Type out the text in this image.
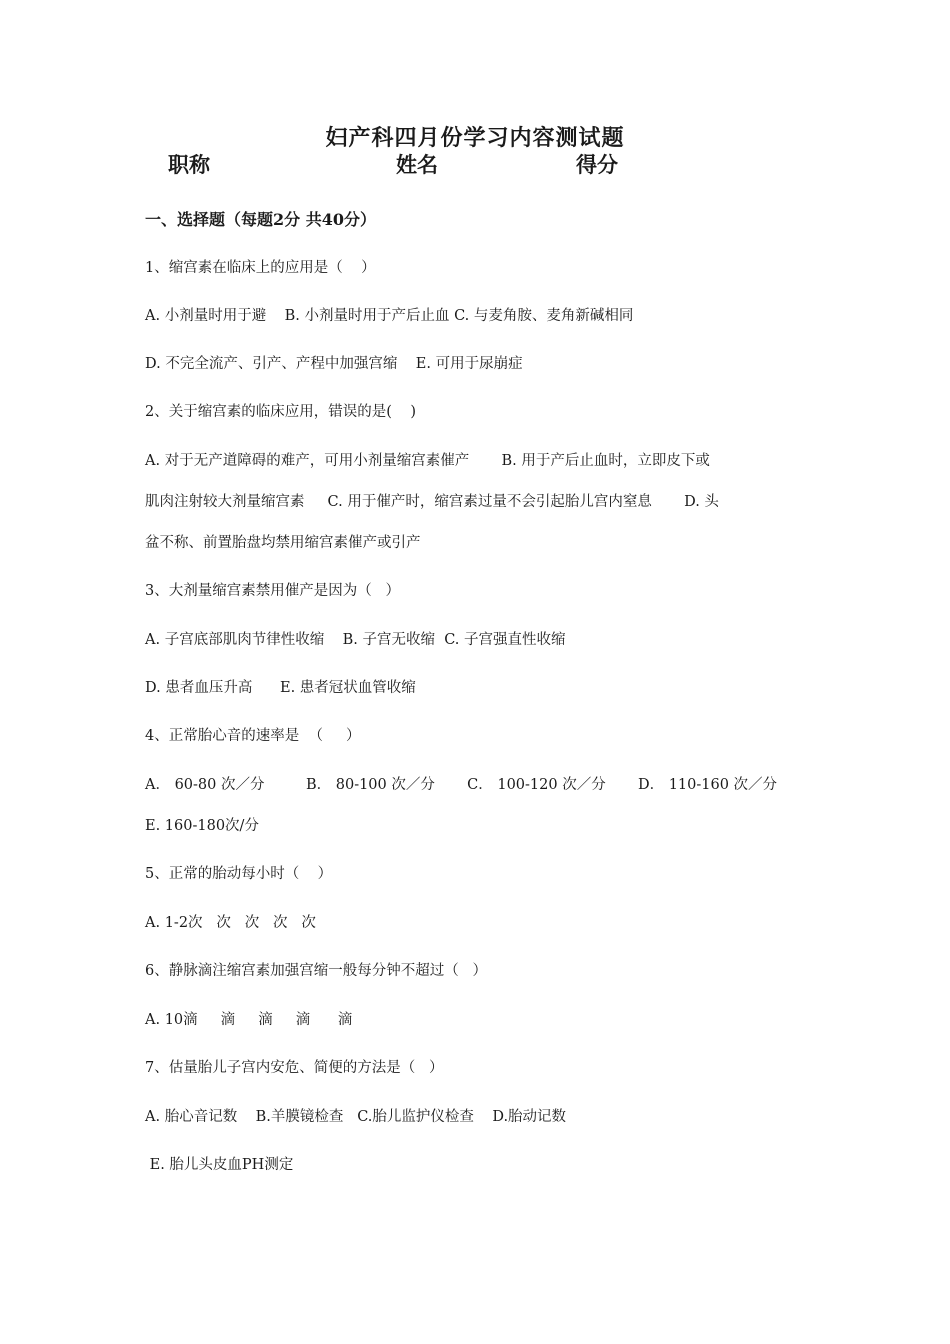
妇产科四月份学习内容测试题
职称	姓名	得分
一、选择题（每题2分 共40分）
1、缩宫素在临床上的应用是（    ）
A. 小剂量时用于避    B. 小剂量时用于产后止血 C. 与麦角胺、麦角新碱相同
D. 不完全流产、引产、产程中加强宫缩    E. 可用于尿崩症
2、关于缩宫素的临床应用，错误的是(    )
A. 对于无产道障碍的难产，可用小剂量缩宫素催产       B. 用于产后止血时，立即皮下或
肌肉注射较大剂量缩宫素     C. 用于催产时，缩宫素过量不会引起胎儿宫内窒息       D. 头
盆不称、前置胎盘均禁用缩宫素催产或引产
3、大剂量缩宫素禁用催产是因为（   ）
A. 子宫底部肌肉节律性收缩    B. 子宫无收缩  C. 子宫强直性收缩
D. 患者血压升高      E. 患者冠状血管收缩
4、正常胎心音的速率是  （     ）
A． 60-80 次／分         B． 80-100 次／分       C． 100-120 次／分       D． 110-160 次／分
E. 160-180次/分
5、正常的胎动每小时（    ）
A. 1-2次   次   次   次   次
6、静脉滴注缩宫素加强宫缩一般每分钟不超过（   ）
A. 10滴     滴     滴     滴      滴
7、估量胎儿子宫内安危、简便的方法是（   ）
A. 胎心音记数    B.羊膜镜检查   C.胎儿监护仪检查    D.胎动记数
E. 胎儿头皮血PH测定
